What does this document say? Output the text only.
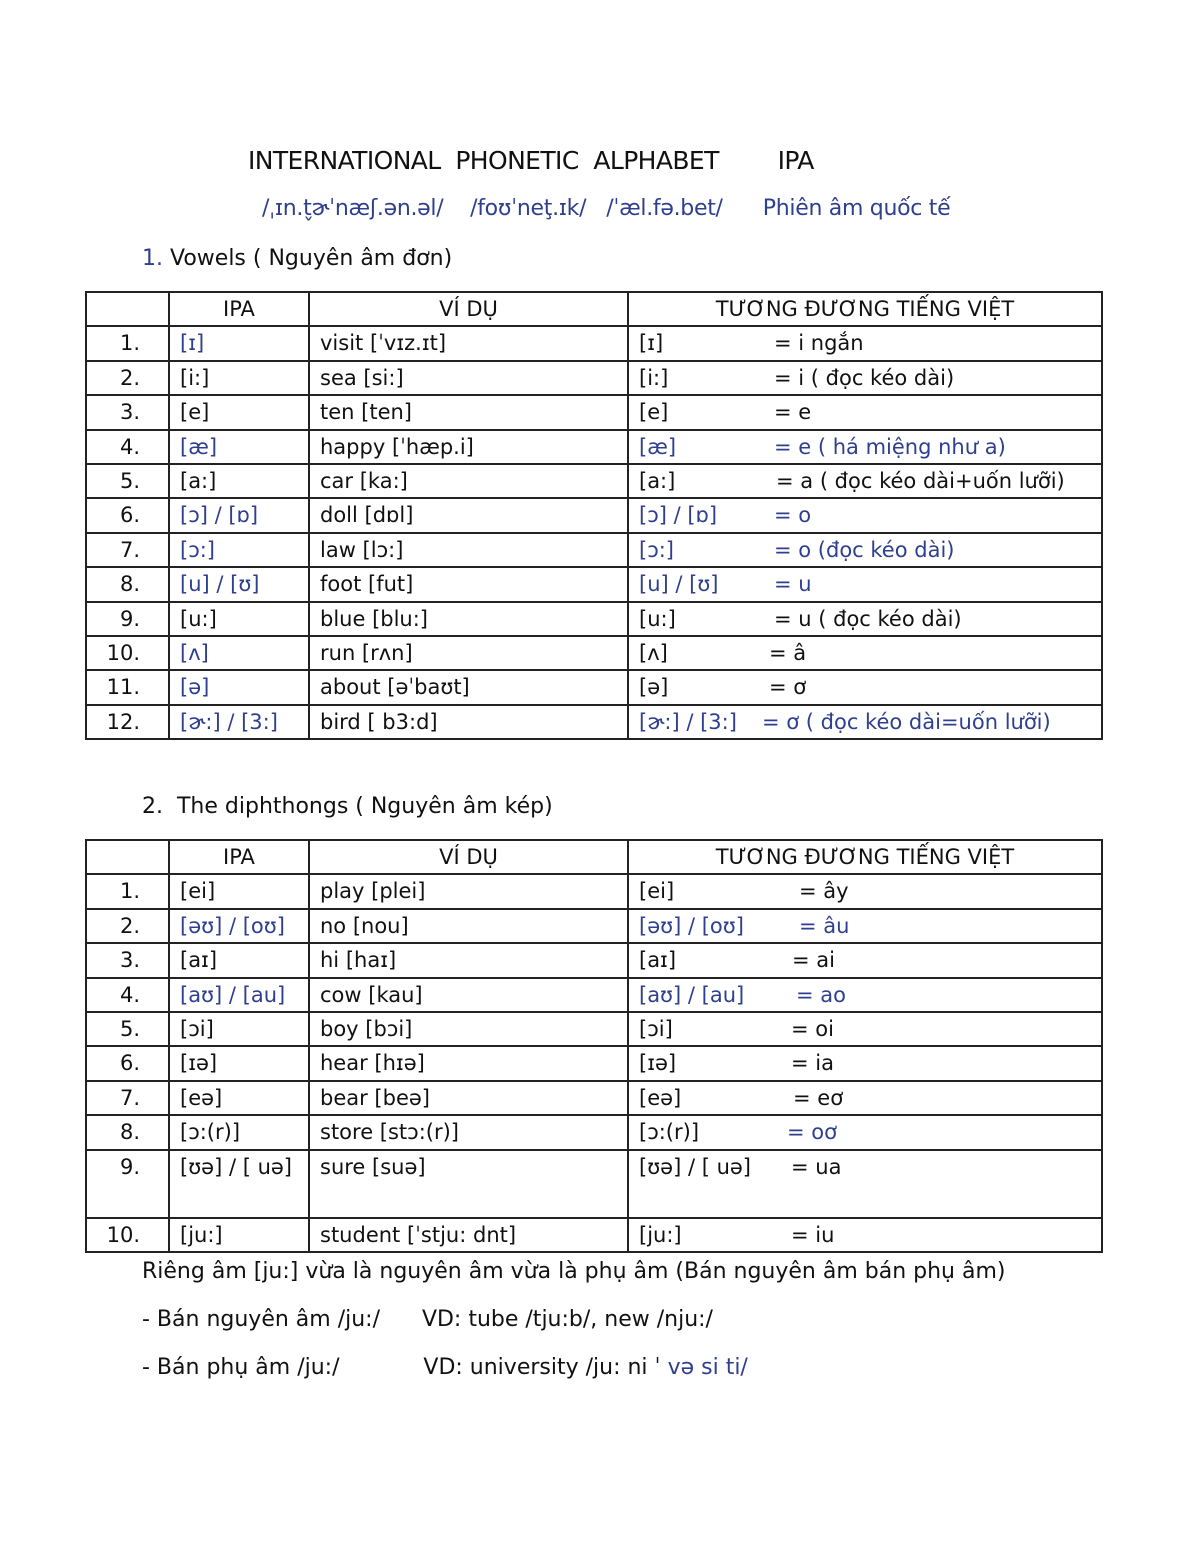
INTERNATIONAL  PHONETIC  ALPHABET        IPA
/ˌɪn.t̬ɚˈnæʃ.ən.əl/    /foʊˈneţ.ɪk/   /ˈæl.fə.bet/      Phiên âm quốc tế
1. Vowels ( Nguyên âm đơn)
	IPA	VÍ DỤ	TƯƠNG ĐƯƠNG TIẾNG VIỆT
1.	[ɪ]	visit [ˈvɪz.ɪt]	[ɪ] = i ngắn

2.	[i:]	sea [si:]	[i:] = i ( đọc kéo dài)

3.	[e]	ten [ten]	[e] = e

4.	[æ]	happy [ˈhæp.i]	[æ] = e ( há miệng như a)

5.	[a:]	car [ka:]	[a:] = a ( đọc kéo dài+uốn lưỡi)

6.	[ɔ] / [ɒ]	doll [dɒl]	[ɔ] / [ɒ] = o

7.	[ɔ:]	law [lɔ:]	[ɔ:] = o (đọc kéo dài)

8.	[u] / [ʊ]	foot [fut]	[u] / [ʊ] = u

9.	[u:]	blue [blu:]	[u:] = u ( đọc kéo dài)

10.	[ʌ]	run [rʌn]	[ʌ] = â

11.	[ə]	about [əˈbaʊt]	[ə] = ơ

12.	[ɚ:] / [3:]	bird [ b3:d]	[ɚ:] / [3:] = ơ ( đọc kéo dài=uốn lưỡi)
2.  The diphthongs ( Nguyên âm kép)
	IPA	VÍ DỤ	TƯƠNG ĐƯƠNG TIẾNG VIỆT
1.	[ei]	play [plei]	[ei] = ây

2.	[əʊ] / [oʊ]	no [nou]	[əʊ] / [oʊ] = âu

3.	[aɪ]	hi [haɪ]	[aɪ] = ai

4.	[aʊ] / [au]	cow [kau]	[aʊ] / [au] = ao

5.	[ɔi]	boy [bɔi]	[ɔi] = oi

6.	[ɪə]	hear [hɪə]	[ɪə] = ia

7.	[eə]	bear [beə]	[eə] = eơ

8.	[ɔ:(r)]	store [stɔ:(r)]	[ɔ:(r)] = oơ

9.	[ʊə] / [ uə]	sure [suə]	[ʊə] / [ uə] = ua

10.	[ju:]	student [ˈstju: dnt]	[ju:] = iu
Riêng âm [ju:] vừa là nguyên âm vừa là phụ âm (Bán nguyên âm bán phụ âm)
- Bán nguyên âm /ju:/      VD: tube /tju:b/, new /nju:/
- Bán phụ âm /ju:/            VD: university /ju: ni ˈ və si ti/
